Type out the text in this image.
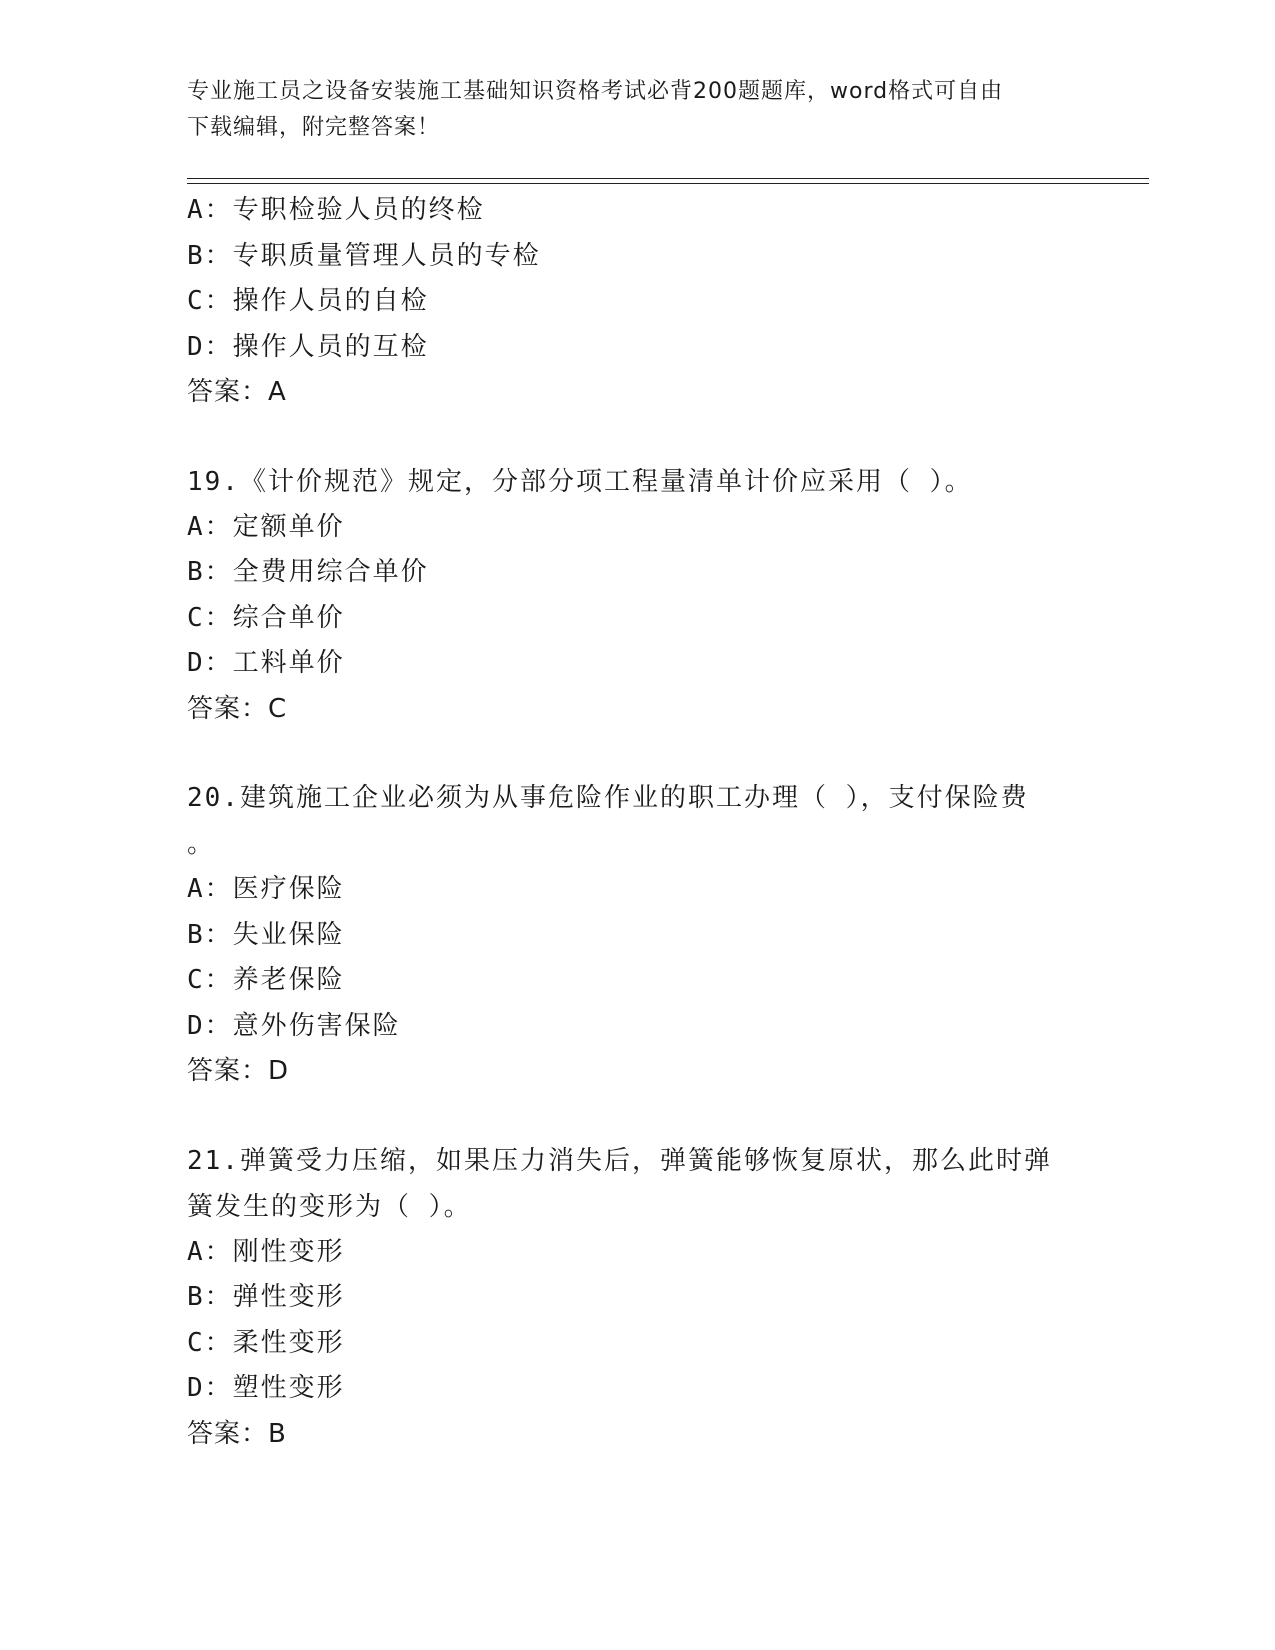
专业施工员之设备安装施工基础知识资格考试必背200题题库，word格式可自由
下载编辑，附完整答案！
A：专职检验人员的终检
B：专职质量管理人员的专检
C：操作人员的自检
D：操作人员的互检
答案：A
19.《计价规范》规定，分部分项工程量清单计价应采用（ ）。
A：定额单价
B：全费用综合单价
C：综合单价
D：工料单价
答案：C
20.建筑施工企业必须为从事危险作业的职工办理（ ），支付保险费
。
A：医疗保险
B：失业保险
C：养老保险
D：意外伤害保险
答案：D
21.弹簧受力压缩，如果压力消失后，弹簧能够恢复原状，那么此时弹
簧发生的变形为（ ）。
A：刚性变形
B：弹性变形
C：柔性变形
D：塑性变形
答案：B
